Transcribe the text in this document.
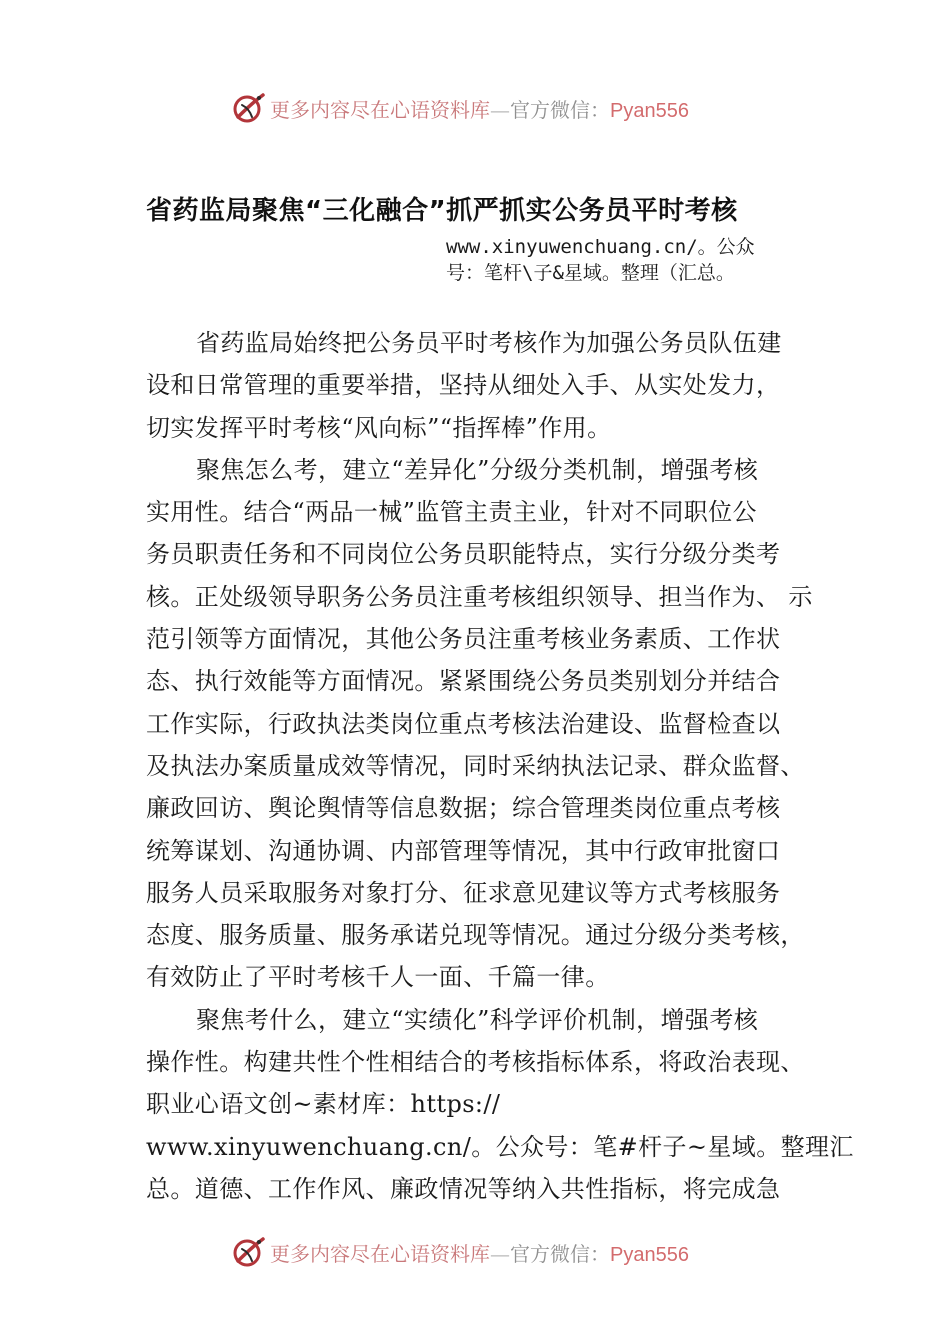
更多内容尽在心语资料库—官方微信：Pyan556
省药监局聚焦“三化融合”抓严抓实公务员平时考核
www.xinyuwenchuang.cn/。公众
号：笔杆\子&星域。整理（汇总。
省药监局始终把公务员平时考核作为加强公务员队伍建
设和日常管理的重要举措，坚持从细处入手、从实处发力，
切实发挥平时考核“风向标”“指挥棒”作用。
聚焦怎么考，建立“差异化”分级分类机制，增强考核
实用性。结合“两品一械”监管主责主业，针对不同职位公
务员职责任务和不同岗位公务员职能特点，实行分级分类考
核。正处级领导职务公务员注重考核组织领导、担当作为、 示
范引领等方面情况，其他公务员注重考核业务素质、工作状
态、执行效能等方面情况。紧紧围绕公务员类别划分并结合
工作实际，行政执法类岗位重点考核法治建设、监督检查以
及执法办案质量成效等情况，同时采纳执法记录、群众监督、
廉政回访、舆论舆情等信息数据；综合管理类岗位重点考核
统筹谋划、沟通协调、内部管理等情况，其中行政审批窗口
服务人员采取服务对象打分、征求意见建议等方式考核服务
态度、服务质量、服务承诺兑现等情况。通过分级分类考核，
有效防止了平时考核千人一面、千篇一律。
聚焦考什么，建立“实绩化”科学评价机制，增强考核
操作性。构建共性个性相结合的考核指标体系，将政治表现、
职业心语文创~素材库：https://
www.xinyuwenchuang.cn/。公众号：笔#杆子~星域。整理汇
总。道德、工作作风、廉政情况等纳入共性指标，将完成急
更多内容尽在心语资料库—官方微信：Pyan556
